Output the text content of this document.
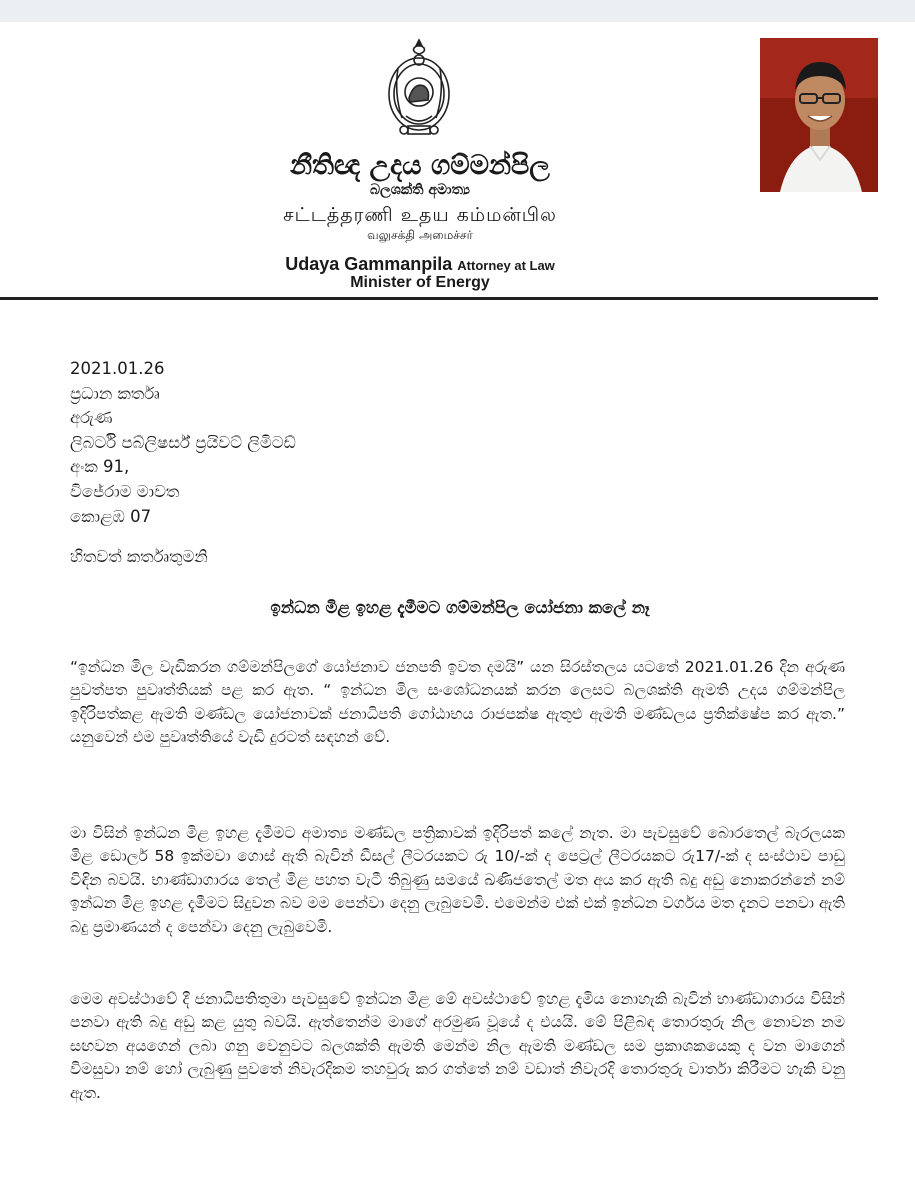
නීතිඥ උදය ගම්මන්පිල
බලශක්ති අමාත්‍ය
சட்டத்தரணி உதய கம்மன்பில
வலுசக்தி அமைச்சர்
Udaya Gammanpila Attorney at Law
Minister of Energy
2021.01.26
ප්‍රධාන කර්තෘ
අරුණ
ලිබර්ටි පබ්ලිෂර්ස් ප්‍රයිවට් ලිමිටඩ්
අංක 91,
විජේරාම මාවත
කොළඹ 07
හිතවත් කර්තෘතුමනි
ඉන්ධන මිළ ඉහළ දැමීමට ගම්මන්පිල යෝජනා කලේ නෑ

“ඉන්ධන මිල වැඩිකරන ගම්මන්පිලගේ යෝජනාව ජනපති ඉවත දමයි” යන සිරස්තලය යටතේ 2021.01.26 දින අරුණ පුවත්පත පුවෘත්තියක් පළ කර ඇත. “ ඉන්ධන මිල සංශෝධනයක් කරන ලෙසට බලශක්ති ඇමති උදය ගම්මන්පිල ඉදිරිපත්කළ ඇමති මණ්ඩල යෝජනාවක් ජනාධිපති ගෝඨාභය රාජපක්ෂ ඇතුළු ඇමති මණ්ඩලය ප්‍රතික්ෂේප කර ඇත.” යනුවෙන් එම පුවෘත්තියේ වැඩි දුරටත් සඳහන් වේ.

මා විසින් ඉන්ධන මිළ ඉහළ දැමීමට අමාත්‍ය මණ්ඩල පත්‍රිකාවක් ඉදිරිපත් කලේ නැත. මා පැවසුවේ බොරතෙල් බැරලයක මිළ ඩොලර් 58 ඉක්මවා ගොස් ඇති බැවින් ඩීසල් ලීටරයකට රු 10/-ක් ද පෙට්‍රල් ලීටරයකට රු17/-ක් ද සංස්ථාව පාඩු විඳින බවයි. භාණ්ඩාගාරය තෙල් මිළ පහත වැටී තිබුණු සමයේ ඛණිජතෙල් මත අය කර ඇති බදු අඩු නොකරන්නේ නම් ඉන්ධන මිළ ඉහළ දැමීමට සිදුවන බව මම පෙන්වා දෙනු ලැබුවෙමි. එමෙන්ම එක් එක් ඉන්ධන වර්ගය මත දැනට පනවා ඇති බදු ප්‍රමාණයන් ද පෙන්වා දෙනු ලැබුවෙමි.

මෙම අවස්ථාවේ දී ජනාධිපතිතුමා පැවසුවේ ඉන්ධන මිළ මේ අවස්ථාවේ ඉහළ දැමිය නොහැකි බැවින් භාණ්ඩාගාරය විසින් පනවා ඇති බදු අඩු කළ යුතු බවයි. ඇත්තෙන්ම මාගේ අරමුණ වූයේ ද එයයි. මේ පිළිබඳ තොරතුරු නිල නොවන නම සඟවන අයගෙන් ලබා ගනු වෙනුවට බලශක්ති ඇමති මෙන්ම නිල ඇමති මණ්ඩල සම ප්‍රකාශකයෙකු ද වන මාගෙන් විමසුවා නම් හෝ ලැබුණු පුවතේ නිවැරදිකම තහවුරු කර ගත්තේ නම් වඩාත් නිවැරදි තොරතුරු වාර්තා කිරීමට හැකි වනු ඇත.
